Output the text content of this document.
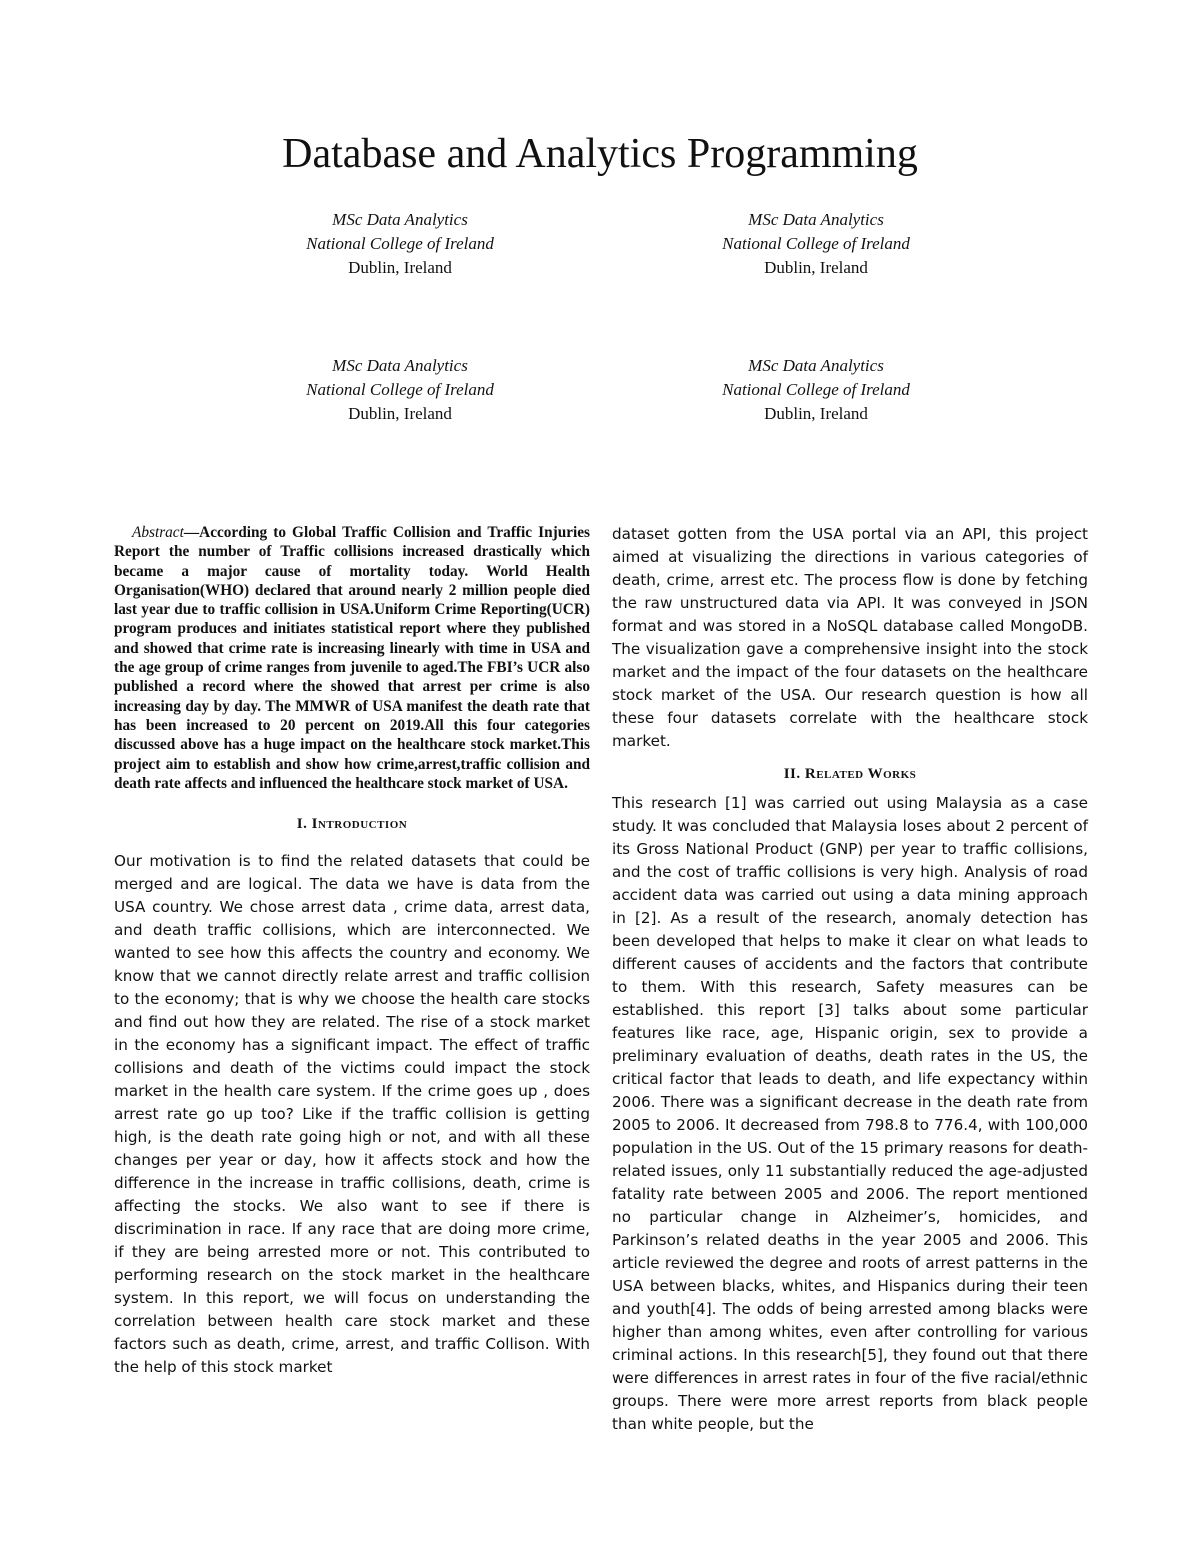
Database and Analytics Programming
MSc Data Analytics
National College of Ireland
Dublin, Ireland
MSc Data Analytics
National College of Ireland
Dublin, Ireland
MSc Data Analytics
National College of Ireland
Dublin, Ireland
MSc Data Analytics
National College of Ireland
Dublin, Ireland

Abstract—According to Global Traffic Collision and Traffic Injuries Report the number of Traffic collisions increased drastically which became a major cause of mortality today. World Health Organisation(WHO) declared that around nearly 2 million people died last year due to traffic collision in USA.Uniform Crime Reporting(UCR) program produces and initiates statistical report where they published and showed that crime rate is increasing linearly with time in USA and the age group of crime ranges from juvenile to aged.The FBI’s UCR also published a record where the showed that arrest per crime is also increasing day by day. The MMWR of USA manifest the death rate that has been increased to 20 percent on 2019.All this four categories discussed above has a huge impact on the healthcare stock market.This project aim to establish and show how crime,arrest,traffic collision and death rate affects and influenced the healthcare stock market of USA.

I. Introduction

Our motivation is to find the related datasets that could be merged and are logical. The data we have is data from the USA country. We chose arrest data , crime data, arrest data, and death traffic collisions, which are interconnected. We wanted to see how this affects the country and economy. We know that we cannot directly relate arrest and traffic collision to the economy; that is why we choose the health care stocks and find out how they are related. The rise of a stock market in the economy has a significant impact. The effect of traffic collisions and death of the victims could impact the stock market in the health care system. If the crime goes up , does arrest rate go up too? Like if the traffic collision is getting high, is the death rate going high or not, and with all these changes per year or day, how it affects stock and how the difference in the increase in traffic collisions, death, crime is affecting the stocks. We also want to see if there is discrimination in race. If any race that are doing more crime, if they are being arrested more or not. This contributed to performing research on the stock market in the healthcare system. In this report, we will focus on understanding the correlation between health care stock market and these factors such as death, crime, arrest, and traffic Collison. With the help of this stock market

dataset gotten from the USA portal via an API, this project aimed at visualizing the directions in various categories of death, crime, arrest etc. The process flow is done by fetching the raw unstructured data via API. It was conveyed in JSON format and was stored in a NoSQL database called MongoDB. The visualization gave a comprehensive insight into the stock market and the impact of the four datasets on the healthcare stock market of the USA. Our research question is how all these four datasets correlate with the healthcare stock market.

II. Related Works

This research [1] was carried out using Malaysia as a case study. It was concluded that Malaysia loses about 2 percent of its Gross National Product (GNP) per year to traffic collisions, and the cost of traffic collisions is very high. Analysis of road accident data was carried out using a data mining approach in [2]. As a result of the research, anomaly detection has been developed that helps to make it clear on what leads to different causes of accidents and the factors that contribute to them. With this research, Safety measures can be established. this report [3] talks about some particular features like race, age, Hispanic origin, sex to provide a preliminary evaluation of deaths, death rates in the US, the critical factor that leads to death, and life expectancy within 2006. There was a significant decrease in the death rate from 2005 to 2006. It decreased from 798.8 to 776.4, with 100,000 population in the US. Out of the 15 primary reasons for death-related issues, only 11 substantially reduced the age-adjusted fatality rate between 2005 and 2006. The report mentioned no particular change in Alzheimer’s, homicides, and Parkinson’s related deaths in the year 2005 and 2006. This article reviewed the degree and roots of arrest patterns in the USA between blacks, whites, and Hispanics during their teen and youth[4]. The odds of being arrested among blacks were higher than among whites, even after controlling for various criminal actions. In this research[5], they found out that there were differences in arrest rates in four of the five racial/ethnic groups. There were more arrest reports from black people than white people, but the
